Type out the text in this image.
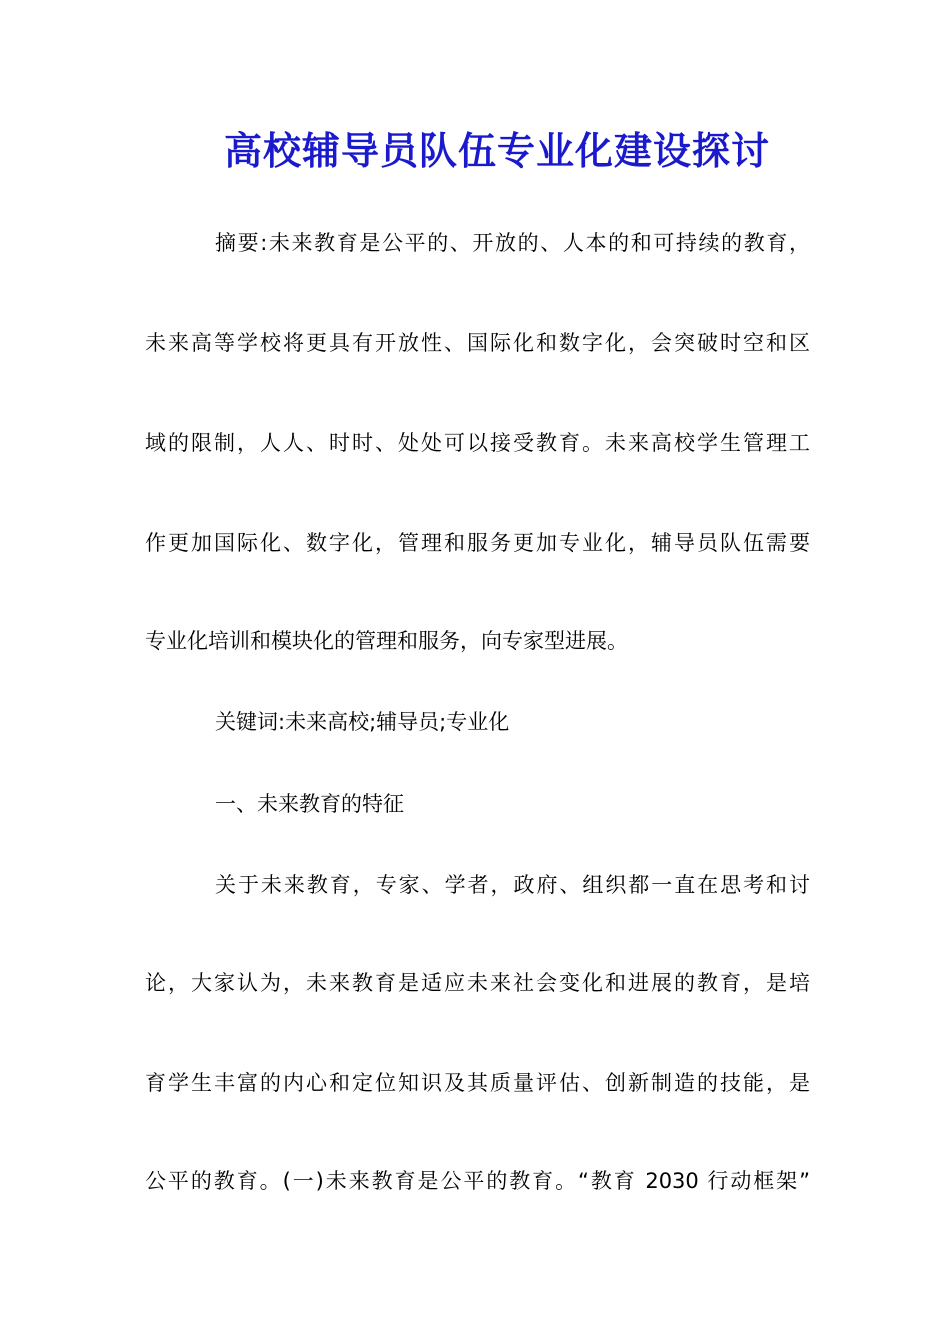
高校辅导员队伍专业化建设探讨

摘要:未来教育是公平的、开放的、人本的和可持续的教育，

未来高等学校将更具有开放性、国际化和数字化，会突破时空和区

域的限制，人人、时时、处处可以接受教育。未来高校学生管理工

作更加国际化、数字化，管理和服务更加专业化，辅导员队伍需要

专业化培训和模块化的管理和服务，向专家型进展。

关键词:未来高校;辅导员;专业化

一、未来教育的特征

关于未来教育，专家、学者，政府、组织都一直在思考和讨

论，大家认为，未来教育是适应未来社会变化和进展的教育，是培

育学生丰富的内心和定位知识及其质量评估、创新制造的技能，是

公平的教育。(一)未来教育是公平的教育。“教育 2030 行动框架”
